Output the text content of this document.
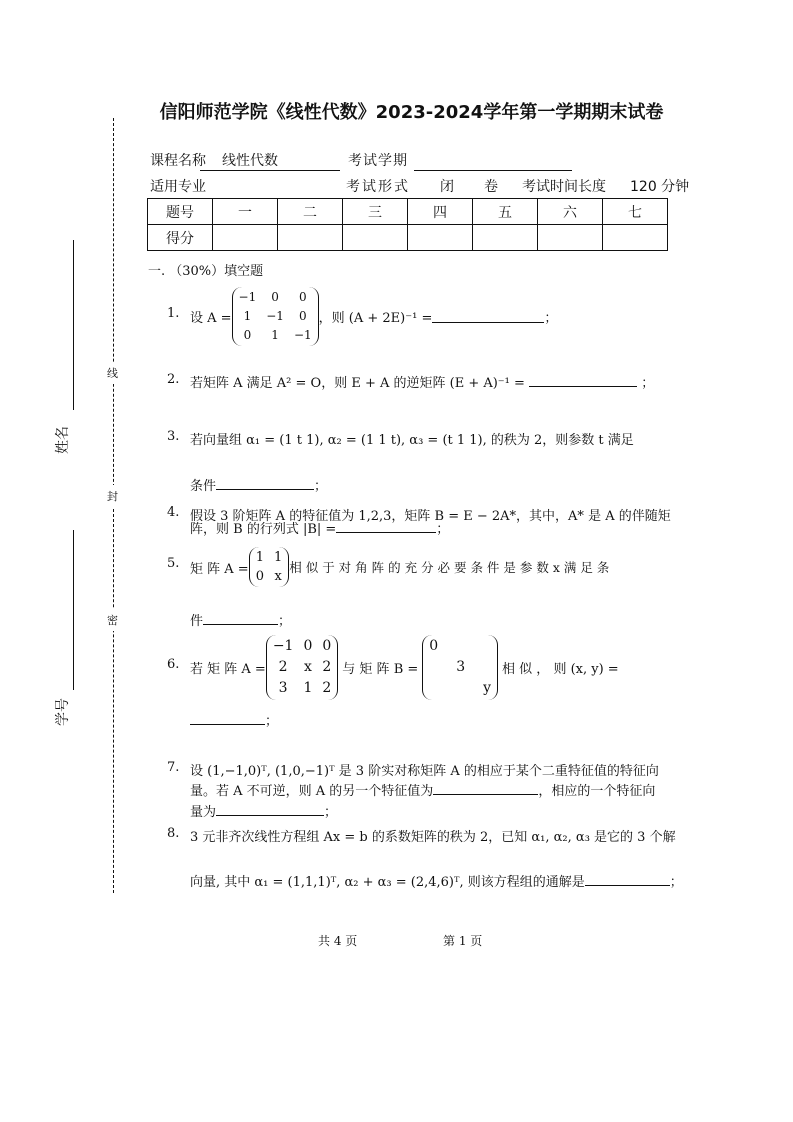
信阳师范学院《线性代数》2023-2024学年第一学期期末试卷
线
封
密
姓名
学号
课程名称 线性代数	考试学期
适用专业	考试形式 闭 卷 考试时间长度 120 分钟
题号	一	二	三	四	五	六	七
得分							
一. （30%）填空题
1. 设 A =
−1	0	0
1	−1	0
0	1	−1
，则 (A + 2E)⁻¹ =	；
2. 若矩阵 A 满足 A² = O，则 E + A 的逆矩阵 (E + A)⁻¹ =	；
3. 若向量组 α₁ = (1 t 1), α₂ = (1 1 t), α₃ = (t 1 1), 的秩为 2，则参数 t 满足
条件	；
4. 假设 3 阶矩阵 A 的特征值为 1,2,3，矩阵 B = E − 2A*，其中，A* 是 A 的伴随矩
阵，则 B 的行列式 |B| =	；
5. 矩 阵 A =
1 1
0 x
相 似 于 对 角 阵 的 充 分 必 要 条 件 是 参 数 x 满 足 条
件	；
6. 若 矩 阵 A =
−1 0 0
2	x 2
3	1 2
与 矩 阵 B =
0
3
y
相 似 ， 则 (x, y) =
；
7. 设 (1,−1,0)ᵀ, (1,0,−1)ᵀ 是 3 阶实对称矩阵 A 的相应于某个二重特征值的特征向
量。若 A 不可逆，则 A 的另一个特征值为	，相应的一个特征向
量为	；
8. 3 元非齐次线性方程组 Ax = b 的系数矩阵的秩为 2，已知 α₁, α₂, α₃ 是它的 3 个解
向量, 其中 α₁ = (1,1,1)ᵀ, α₂ + α₃ = (2,4,6)ᵀ, 则该方程组的通解是	；
共 4 页	第 1 页
